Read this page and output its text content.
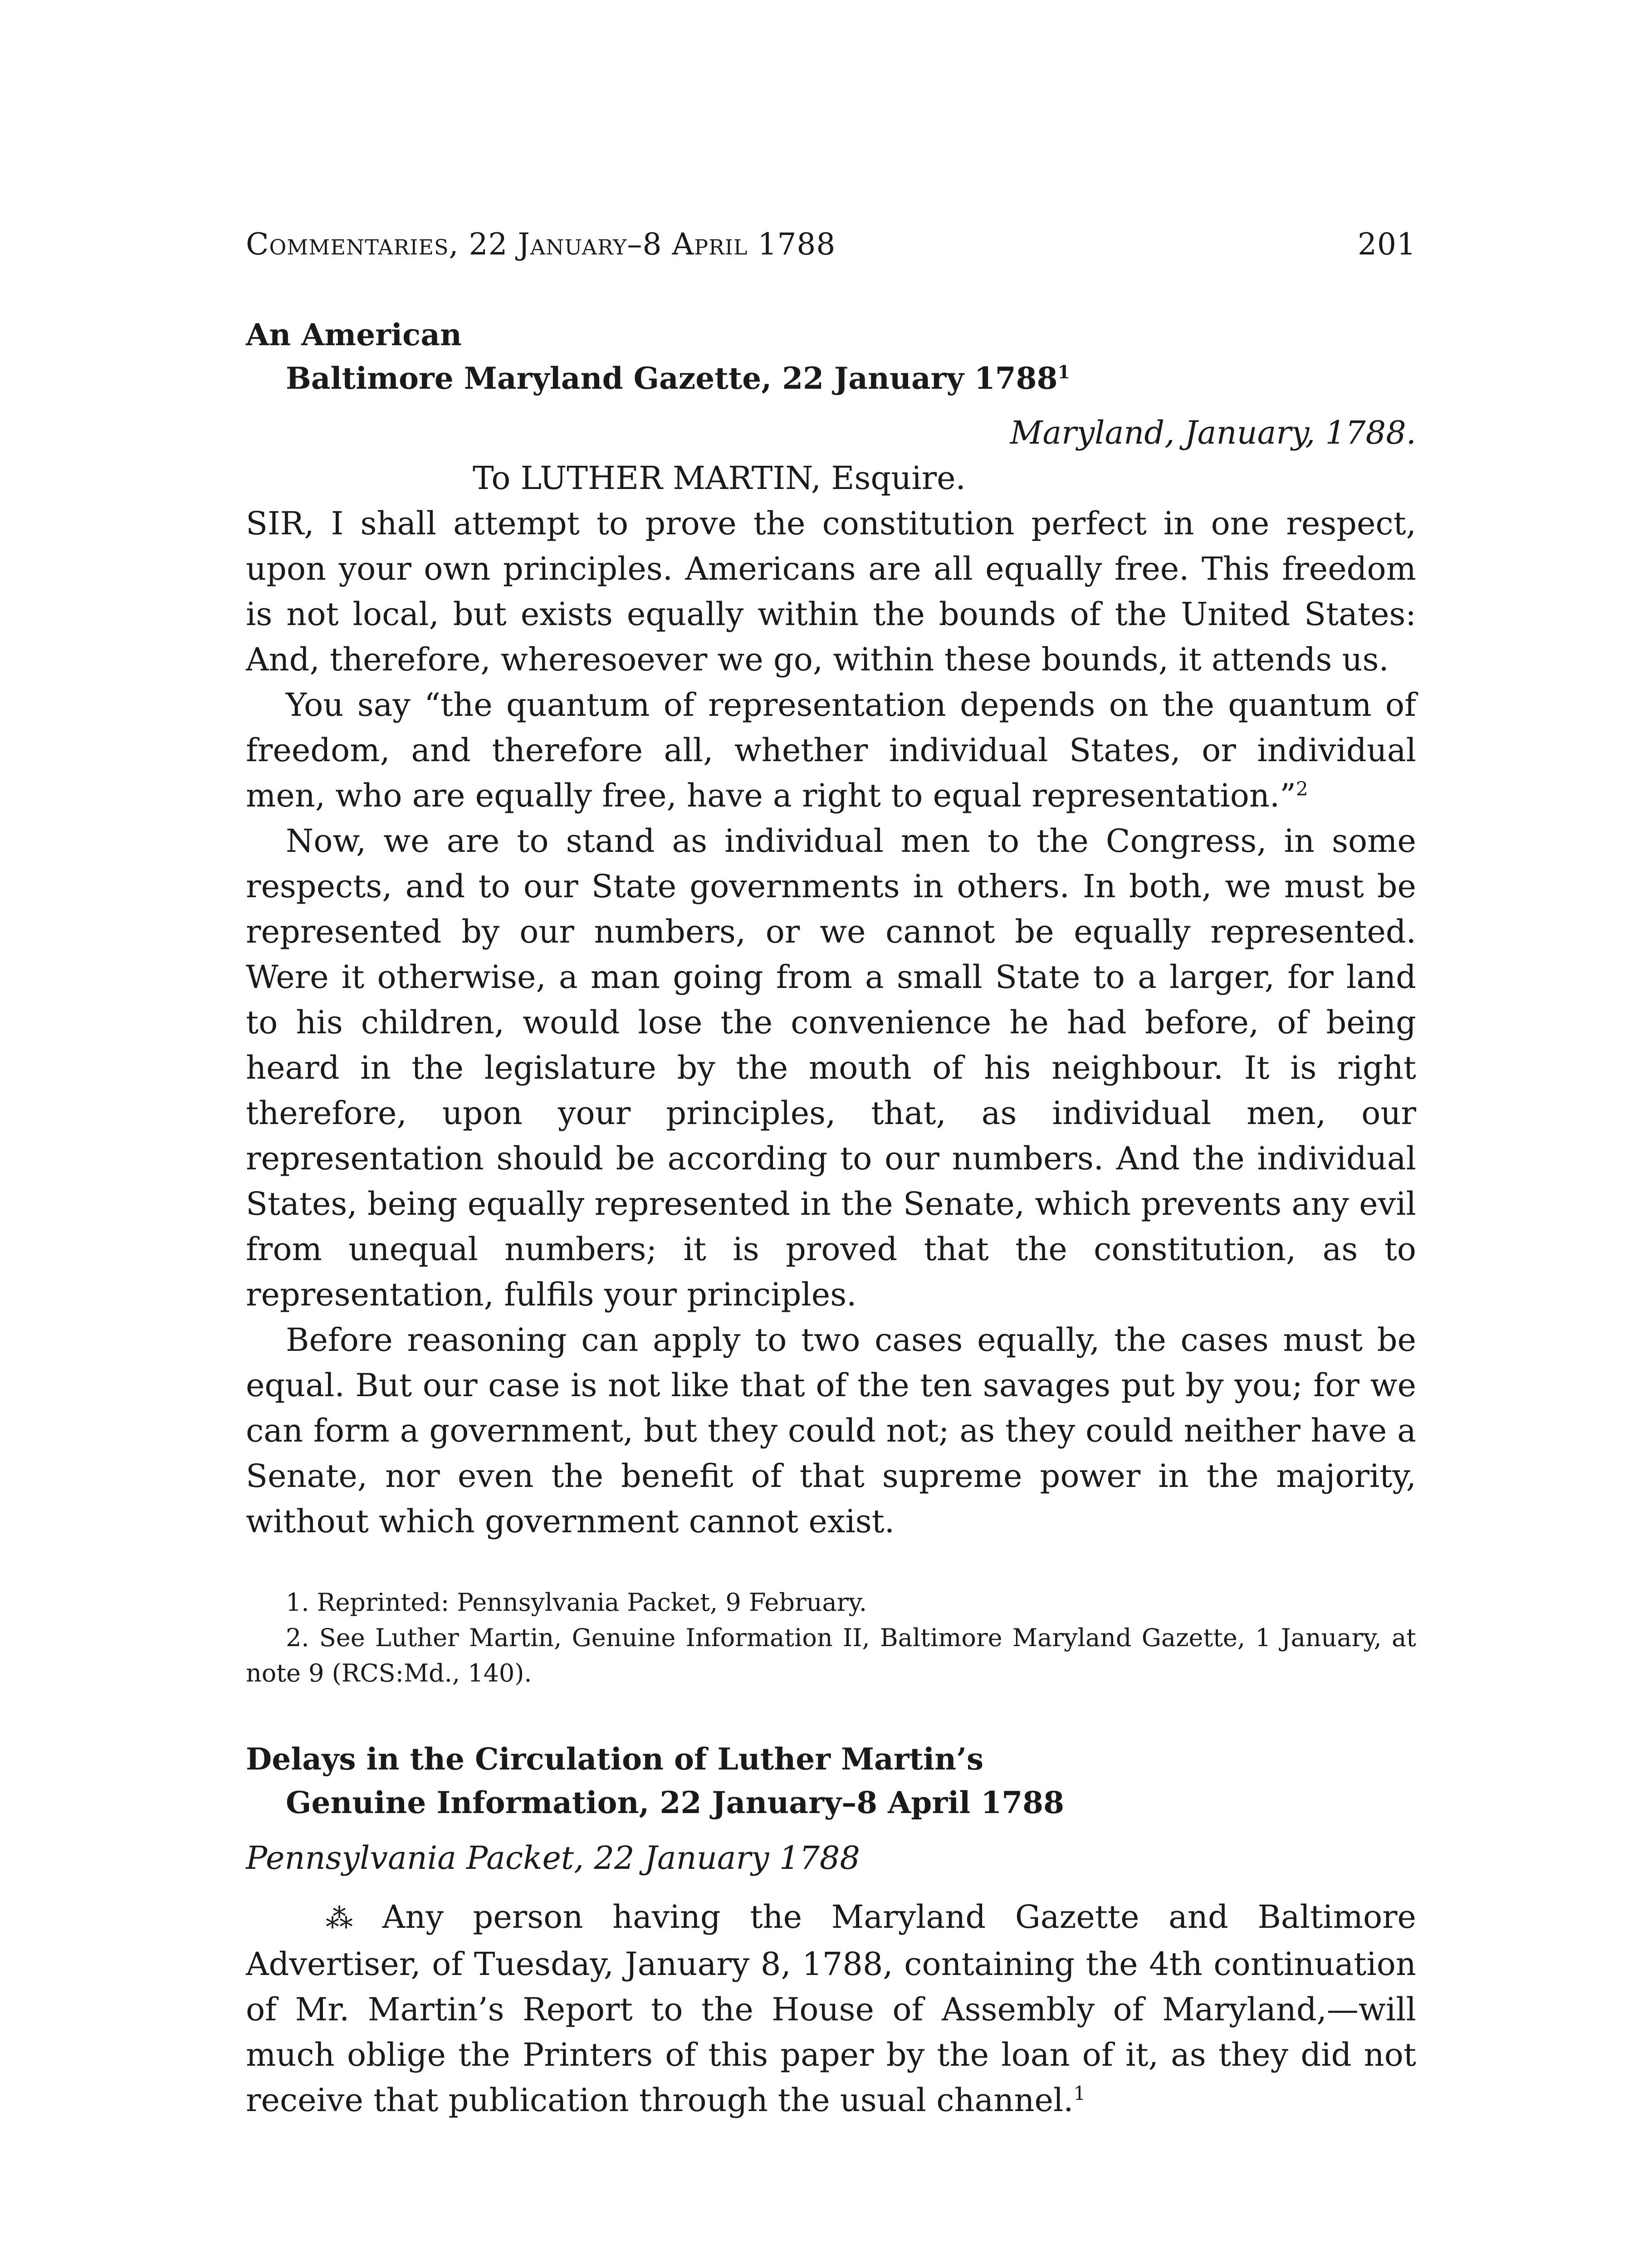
Commentaries, 22 January–8 April 1788	201
An American
Baltimore Maryland Gazette, 22 January 1788$^1$
Maryland, January, 1788.
To LUTHER MARTIN, Esquire.

SIR, I shall attempt to prove the constitution perfect in one respect, upon your own principles. Americans are all equally free. This freedom is not local, but exists equally within the bounds of the United States: And, therefore, wheresoever we go, within these bounds, it attends us.

You say “the quantum of representation depends on the quantum of freedom, and therefore all, whether individual States, or individual men, who are equally free, have a right to equal representation.”$^2$

Now, we are to stand as individual men to the Congress, in some respects, and to our State governments in others. In both, we must be represented by our numbers, or we cannot be equally represented. Were it otherwise, a man going from a small State to a larger, for land to his children, would lose the convenience he had before, of being heard in the legislature by the mouth of his neighbour. It is right therefore, upon your principles, that, as individual men, our representation should be according to our numbers. And the individual States, being equally represented in the Senate, which prevents any evil from unequal numbers; it is proved that the constitution, as to representation, fulfils your principles.

Before reasoning can apply to two cases equally, the cases must be equal. But our case is not like that of the ten savages put by you; for we can form a government, but they could not; as they could neither have a Senate, nor even the benefit of that supreme power in the majority, without which government cannot exist.

1. Reprinted: Pennsylvania Packet, 9 February.

2. See Luther Martin, Genuine Information II, Baltimore Maryland Gazette, 1 January, at note 9 (RCS:Md., 140).

Delays in the Circulation of Luther Martin’s
Genuine Information, 22 January–8 April 1788
Pennsylvania Packet, 22 January 1788

⁂ Any person having the Maryland Gazette and Baltimore Advertiser, of Tuesday, January 8, 1788, containing the 4th continuation of Mr. Martin’s Report to the House of Assembly of Maryland,—will much oblige the Printers of this paper by the loan of it, as they did not receive that publication through the usual channel.$^1$
